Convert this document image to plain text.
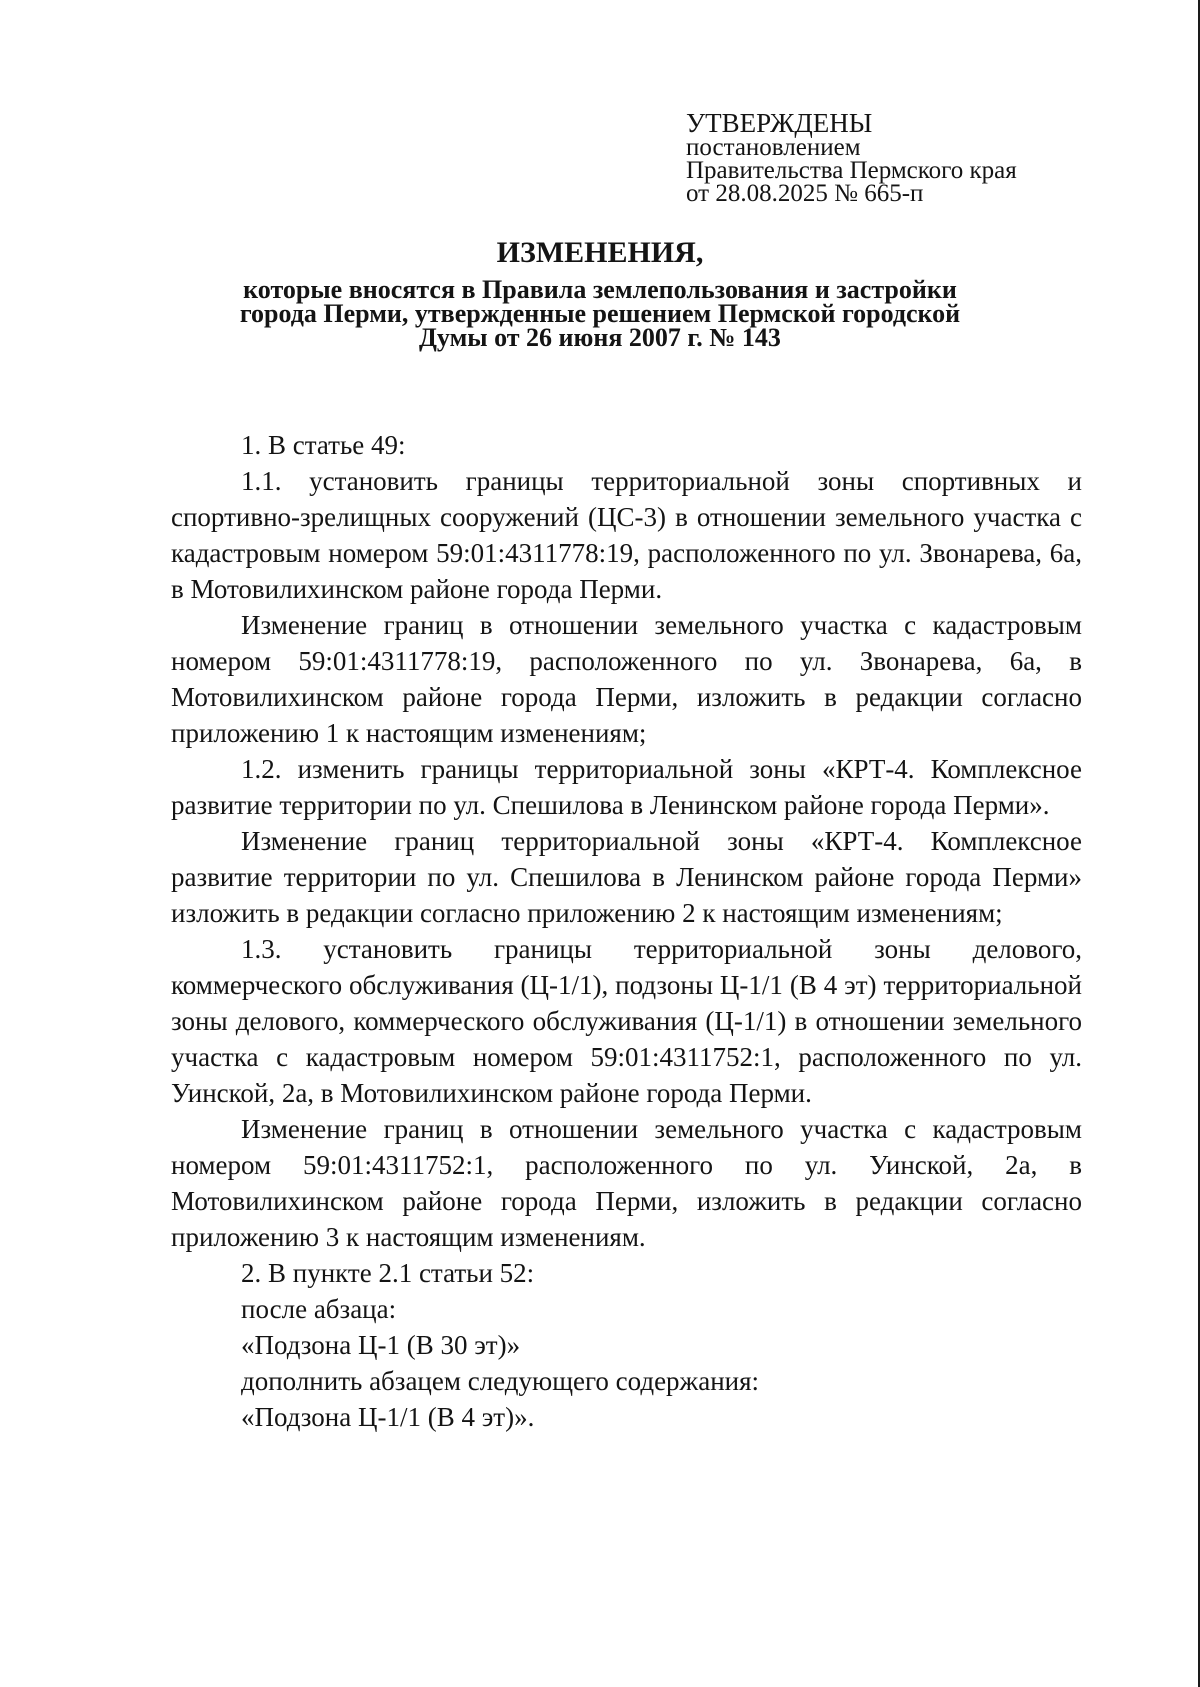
УТВЕРЖДЕНЫ
постановлением
Правительства Пермского края
от 28.08.2025 № 665-п
ИЗМЕНЕНИЯ,
которые вносятся в Правила землепользования и застройки
города Перми, утвержденные решением Пермской городской
Думы от 26 июня 2007 г. № 143

1. В статье 49:

1.1. установить границы территориальной зоны спортивных и спортивно-зрелищных сооружений (ЦС-3) в отношении земельного участка с кадастровым номером 59:01:4311778:19, расположенного по ул. Звонарева, 6а, в Мотовилихинском районе города Перми.

Изменение границ в отношении земельного участка с кадастровым номером 59:01:4311778:19, расположенного по ул. Звонарева, 6а, в Мотовилихинском районе города Перми, изложить в редакции согласно приложению 1 к настоящим изменениям;

1.2. изменить границы территориальной зоны «КРТ-4. Комплексное развитие территории по ул. Спешилова в Ленинском районе города Перми».

Изменение границ территориальной зоны «КРТ-4. Комплексное развитие территории по ул. Спешилова в Ленинском районе города Перми» изложить в редакции согласно приложению 2 к настоящим изменениям;

1.3. установить границы территориальной зоны делового, коммерческого обслуживания (Ц-1/1), подзоны Ц-1/1 (В 4 эт) территориальной зоны делового, коммерческого обслуживания (Ц-1/1) в отношении земельного участка с кадастровым номером 59:01:4311752:1, расположенного по ул. Уинской, 2а, в Мотовилихинском районе города Перми.

Изменение границ в отношении земельного участка с кадастровым номером 59:01:4311752:1, расположенного по ул. Уинской, 2а, в Мотовилихинском районе города Перми, изложить в редакции согласно приложению 3 к настоящим изменениям.

2. В пункте 2.1 статьи 52:

после абзаца:

«Подзона Ц-1 (В 30 эт)»

дополнить абзацем следующего содержания:

«Подзона Ц-1/1 (В 4 эт)».
